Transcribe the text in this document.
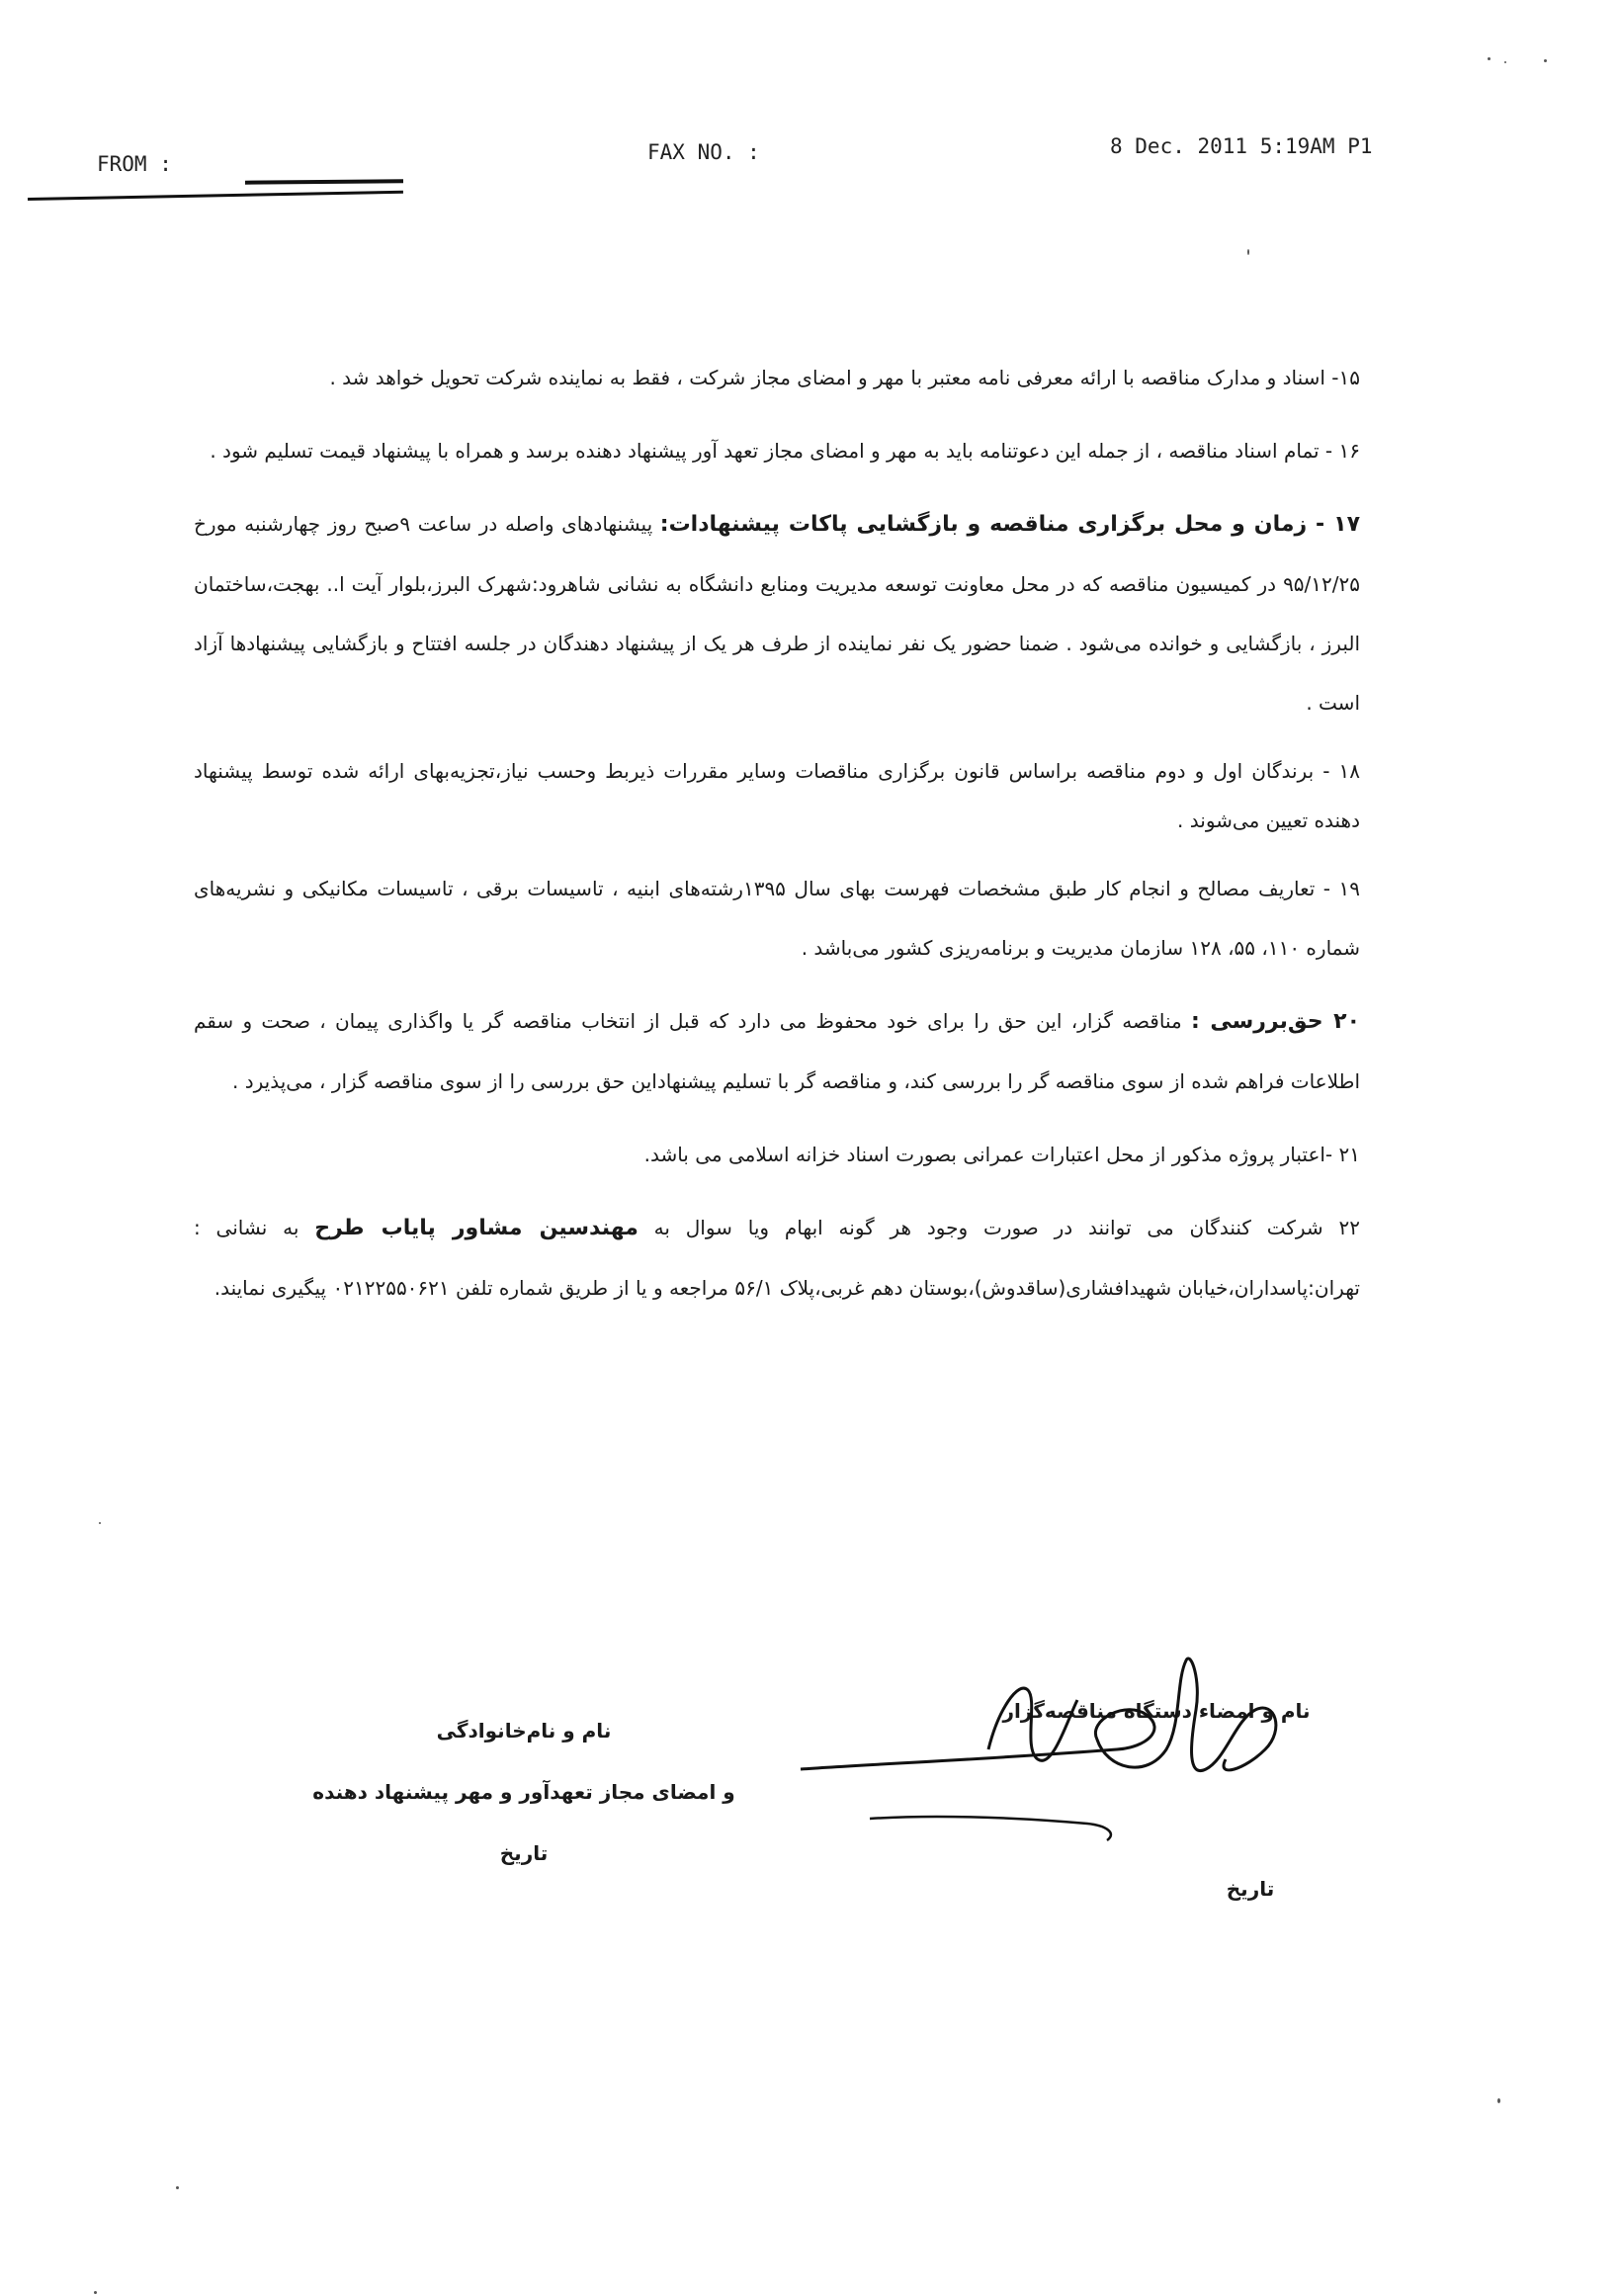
FROM :	FAX NO. :	8 Dec. 2011 5:19AM P1

۱۵- اسناد و مدارک مناقصه با ارائه معرفی نامه معتبر با مهر و امضای مجاز شرکت ، فقط به نماینده شرکت تحویل خواهد شد .

۱۶ - تمام اسناد مناقصه ، از جمله این دعوتنامه باید به مهر و امضای مجاز تعهد آور پیشنهاد دهنده برسد و همراه با پیشنهاد قیمت تسلیم شود .

۱۷ - زمان و محل برگزاری مناقصه و بازگشایی پاکات پیشنهادات: پیشنهادهای واصله در ساعت ۹صبح روز چهارشنبه مورخ ۹۵/۱۲/۲۵ در کمیسیون مناقصه که در محل معاونت توسعه مدیریت ومنابع دانشگاه به نشانی شاهرود:شهرک البرز،بلوار آیت ا.. بهجت،ساختمان البرز ، بازگشایی و خوانده می‌شود . ضمنا حضور یک نفر نماینده از طرف هر یک از پیشنهاد دهندگان در جلسه افتتاح و بازگشایی پیشنهادها آزاد است .

۱۸ - برندگان اول و دوم مناقصه براساس قانون برگزاری مناقصات وسایر مقررات ذیربط وحسب نیاز،تجزیه‌بهای ارائه شده توسط پیشنهاد دهنده تعیین می‌شوند .

۱۹ - تعاریف مصالح و انجام کار طبق مشخصات فهرست بهای سال ۱۳۹۵رشته‌های ابنیه ، تاسیسات برقی ، تاسیسات مکانیکی و نشریه‌های شماره ۱۱۰، ۵۵، ۱۲۸ سازمان مدیریت و برنامه‌ریزی کشور می‌باشد .

۲۰ حق‌بررسی : مناقصه گزار، این حق را برای خود محفوظ می دارد که قبل از انتخاب مناقصه گر یا واگذاری پیمان ، صحت و سقم اطلاعات فراهم شده از سوی مناقصه گر را بررسی کند، و مناقصه گر با تسلیم پیشنهاداین حق بررسی را از سوی مناقصه گزار ، می‌پذیرد .

۲۱ -اعتبار پروژه مذکور از محل اعتبارات عمرانی بصورت اسناد خزانه اسلامی می باشد.

۲۲ شرکت کنندگان می توانند در صورت وجود هر گونه ابهام ویا سوال به مهندسین مشاور پایاب طرح به نشانی : تهران:پاسداران،خیابان شهیدافشاری(ساقدوش)،بوستان دهم غربی،پلاک ۵۶/۱ مراجعه و یا از طریق شماره تلفن ۰۲۱۲۲۵۵۰۶۲۱ پیگیری نمایند.

نام و نام‌خانوادگی
و امضای مجاز تعهدآور و مهر پیشنهاد دهنده
تاریخ
نام و امضاء دستگاه مناقصه‌گزار
تاریخ
